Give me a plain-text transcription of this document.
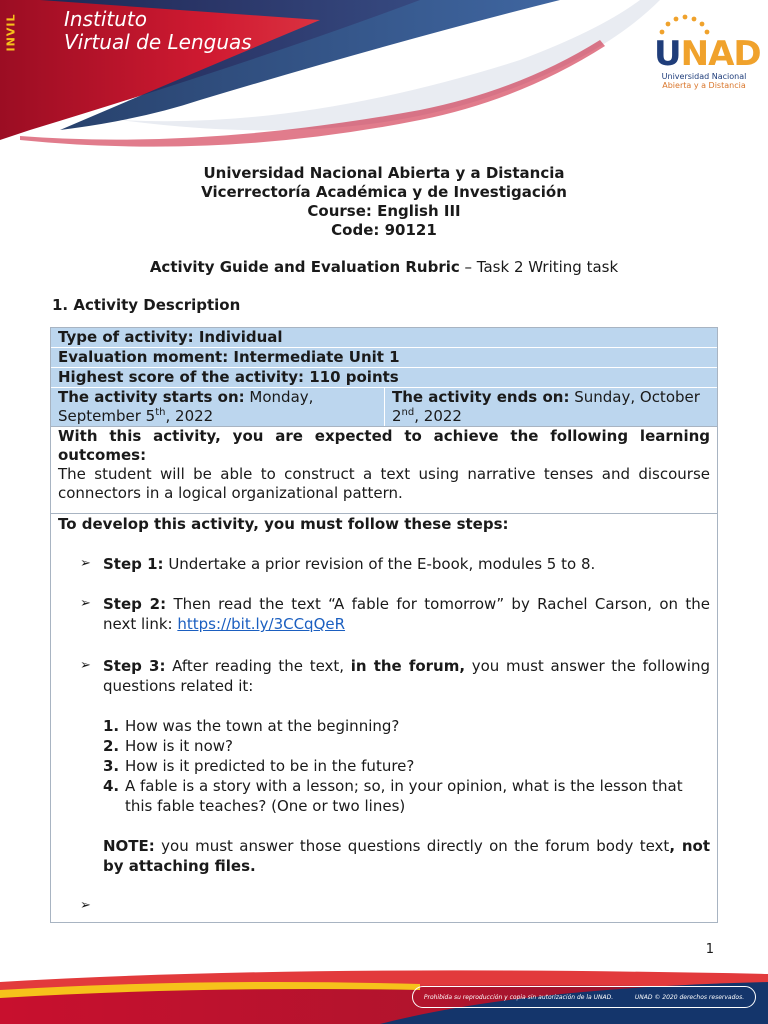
INVIL Instituto
Virtual de Lenguas	UNAD
Universidad Nacional
Abierta y a Distancia
Universidad Nacional Abierta y a Distancia
Vicerrectoría Académica y de Investigación
Course: English III
Code: 90121
Activity Guide and Evaluation Rubric – Task 2 Writing task
1. Activity Description
Type of activity: Individual
Evaluation moment: Intermediate Unit 1
Highest score of the activity: 110 points
The activity starts on: Monday, September 5th, 2022
The activity ends on: Sunday, October 2nd, 2022
With this activity, you are expected to achieve the following learning outcomes:
The student will be able to construct a text using narrative tenses and discourse connectors in a logical organizational pattern.
To develop this activity, you must follow these steps:
➢ Step 1: Undertake a prior revision of the E-book, modules 5 to 8.
➢ Step 2: Then read the text “A fable for tomorrow” by Rachel Carson, on the next link: https://bit.ly/3CCqQeR
➢ Step 3: After reading the text, in the forum, you must answer the following questions related it:
1. How was the town at the beginning?
2. How is it now?
3. How is it predicted to be in the future?
4. A fable is a story with a lesson; so, in your opinion, what is the lesson that this fable teaches? (One or two lines)
NOTE: you must answer those questions directly on the forum body text, not by attaching files.
➢
1
Prohibida su reproducción y copia sin autorización de la UNAD.	UNAD © 2020 derechos reservados.
